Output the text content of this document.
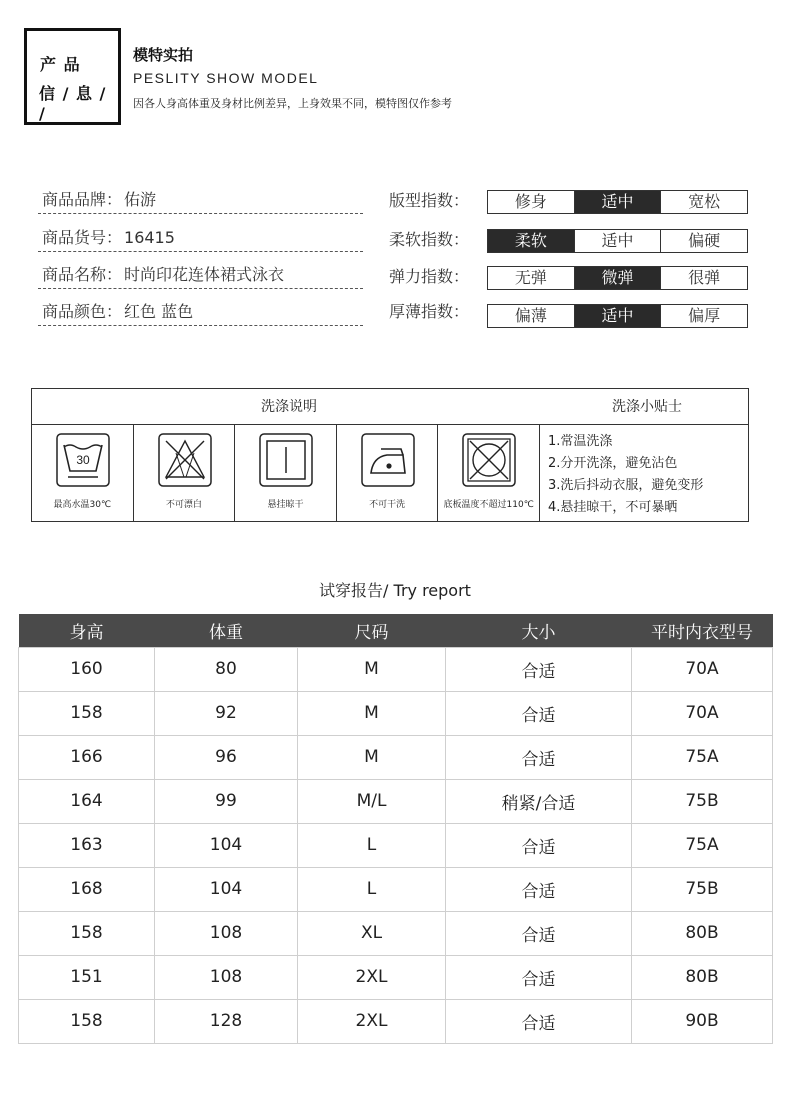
产 品
信 / 息 / /
模特实拍
PESLITY SHOW MODEL
因各人身高体重及身材比例差异，上身效果不同，模特图仅作参考
商品品牌： 佑游
商品货号： 16415
商品名称： 时尚印花连体裙式泳衣
商品颜色： 红色 蓝色
版型指数：	修身	适中	宽松
柔软指数：	柔软	适中	偏硬
弹力指数：	无弹	微弹	很弹
厚薄指数：	偏薄	适中	偏厚
洗涤说明	洗涤小贴士
30
最高水温30℃	不可漂白	悬挂晾干	不可干洗	底板温度不超过110℃
1.常温洗涤
2.分开洗涤，避免沾色
3.洗后抖动衣服，避免变形
4.悬挂晾干，不可暴晒
试穿报告/ Try report
身高	体重	尺码	大小	平时内衣型号
160	80	M	合适	70A
158	92	M	合适	70A
166	96	M	合适	75A
164	99	M/L	稍紧/合适	75B
163	104	L	合适	75A
168	104	L	合适	75B
158	108	XL	合适	80B
151	108	2XL	合适	80B
158	128	2XL	合适	90B
